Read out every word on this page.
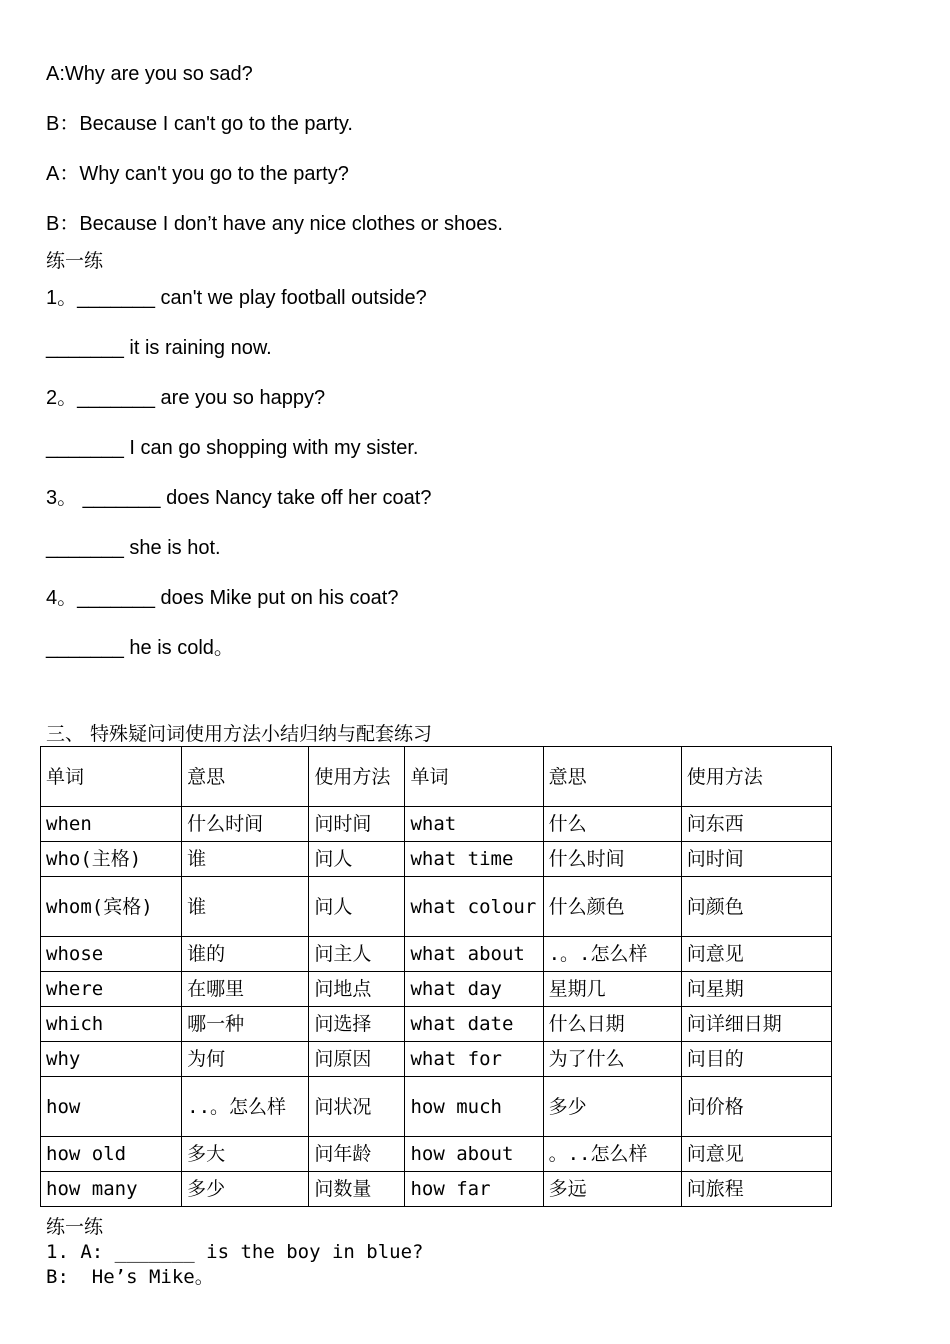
A:Why are you so sad?
B：Because I can't go to the party.
A：Why can't you go to the party?
B：Because I don’t have any nice clothes or shoes.
练一练
1。_______ can't we play football outside?
_______ it is raining now.
2。_______ are you so happy?
_______ I can go shopping with my sister.
3。 _______ does Nancy take off her coat?
_______ she is hot.
4。_______ does Mike put on his coat?
_______ he is cold。
三、 特殊疑问词使用方法小结归纳与配套练习
单词	意思	使用方法	单词	意思	使用方法
when	什么时间	问时间	what	什么	问东西
who(主格)	谁	问人	what time	什么时间	问时间
whom(宾格)	谁	问人	what colour	什么颜色	问颜色
whose	谁的	问主人	what about	.。.怎么样	问意见
where	在哪里	问地点	what day	星期几	问星期
which	哪一种	问选择	what date	什么日期	问详细日期
why	为何	问原因	what for	为了什么	问目的
how	..。怎么样	问状况	how much	多少	问价格
how old	多大	问年龄	how about	。..怎么样	问意见
how many	多少	问数量	how far	多远	问旅程
练一练
1. A: _______ is the boy in blue?
B:  He’s Mike。
